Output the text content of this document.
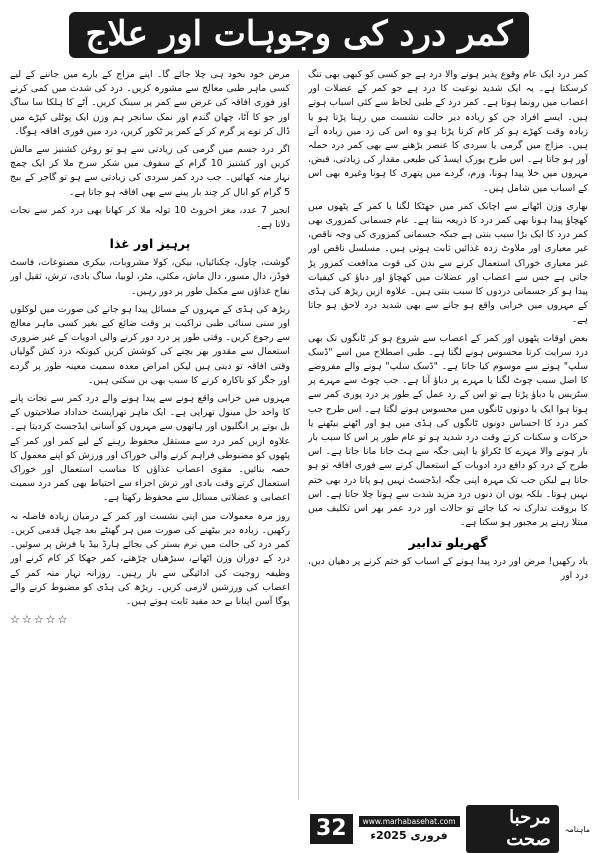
کمر درد کی وجوہات اور علاج

کمر درد ایک عام وقوع پذیر ہونے والا درد ہے جو کسی کو کبھی بھی تنگ کرسکتا ہے۔ یہ ایک شدید نوعیت کا درد ہے جو کمر کے عضلات اور اعصاب میں رونما ہوتا ہے۔ کمر درد کے طبی لحاظ سے کئی اسباب ہوتے ہیں۔ ایسے افراد جن کو زیادہ دیر حالت نشست میں رہنا پڑتا ہو یا زیادہ وقت کھڑے ہو کر کام کرنا پڑتا ہو وہ اس کی زد میں زیادہ آتے ہیں۔ مزاج میں گرمی یا سردی کا عنصر بڑھنے سے بھی کمر درد حملہ آور ہو جاتا ہے۔ اس طرح یورک ایسڈ کی طبعی مقدار کی زیادتی، قبض، مہروں میں خلا پیدا ہونا، ورم، گردے میں پتھری کا ہونا وغیرہ بھی اس کے اسباب میں شامل ہیں۔

بھاری وزن اٹھانے سے اچانک کمر میں جھٹکا لگنا یا کمر کے پٹھوں میں کھچاؤ پیدا ہونا بھی کمر درد کا ذریعہ بنتا ہے۔ عام جسمانی کمزوری بھی کمر درد کا ایک بڑا سبب بنتی ہے جبکہ جسمانی کمزوری کی وجہ ناقص، غیر معیاری اور ملاوٹ زدہ غذائیں ثابت ہوتی ہیں۔ مسلسل ناقص اور غیر معیاری خوراک استعمال کرنے سے بدن کی قوت مدافعت کمزور پڑ جاتی ہے جس سے اعصاب اور عضلات میں کھچاؤ اور دباؤ کی کیفیات پیدا ہو کر جسمانی دردوں کا سبب بنتی ہیں۔ علاوہ ازیں ریڑھ کی ہڈی کے مہروں میں خرابی واقع ہو جانے سے بھی شدید درد لاحق ہو جاتا ہے۔

بعض اوقات پٹھوں اور کمر کے اعصاب سے شروع ہو کر ٹانگوں تک بھی درد سرایت کرتا محسوس ہونے لگتا ہے۔ طبی اصطلاح میں اسے "ڈسک سلپ" ہونے سے موسوم کیا جاتا ہے۔ "ڈسک سلپ" ہونے والے مفروضے کا اصل سبب چوٹ لگنا یا مہرے پر دباؤ آنا ہے۔ جب چوٹ سے مہرے پر سٹریس یا دباؤ پڑتا ہے تو اس کے رد عمل کے طور پر درد پوری کمر سے ہوتا ہوا ایک یا دونوں ٹانگوں میں محسوس ہونے لگتا ہے۔ اس طرح جب کمر درد کا احساس دونوں ٹانگوں کی ہڈی میں ہو اور اٹھنے بیٹھنے یا حرکات و سکنات کرتے وقت درد شدید ہو تو عام طور پر اس کا سبب بار بار ہونے والا مہرے کا ٹکراؤ یا اپنی جگہ سے ہٹ جانا مانا جاتا ہے۔ اس طرح کے درد کو دافع درد ادویات کے استعمال کرنے سے فوری افاقہ تو ہو جاتا ہے لیکن جب تک مہرہ اپنی جگہ ایڈجسٹ نہیں ہو پاتا درد بھی ختم نہیں ہوتا۔ بلکہ یوں ان دنوں درد مزید شدت سے ہوتا چلا جاتا ہے۔ اس کا بروقت تدارک نہ کیا جائے تو حالات اور درد عمر بھر اس تکلیف میں مبتلا رہنے پر مجبور ہو سکتا ہے۔

گھریلو تدابیر

یاد رکھیں! مرض اور درد پیدا ہونے کے اسباب کو ختم کرنے پر دھیان دیں، درد اور

مرض خود بخود ہی چلا جائے گا۔ اپنے مزاج کے بارے میں جاننے کے لیے کسی ماہر طبی معالج سے مشورہ کریں۔ درد کی شدت میں کمی کرنے اور فوری افاقہ کی غرض سے کمر پر سینک کریں۔ آٹے کا ہلکا سا ساگ اور جو کا آٹا، چھان گندم اور نمک سانجر ہم وزن ایک پوٹلی کپڑے میں ڈال کر توے پر گرم کر کے کمر پر ٹکور کریں، درد میں فوری افاقہ ہوگا۔

اگر درد جسم میں گرمی کی زیادتی سے ہو تو روغن کشنیز سے مالش کریں اور کشنیز 10 گرام کے سفوف میں شکر سرخ ملا کر ایک چمچ نہار منہ کھائیں۔ جب درد کمر سردی کی زیادتی سے ہو تو گاجر کے بیج 5 گرام کو ابال کر چند بار پینے سے بھی افاقہ ہو جاتا ہے۔

انجیر 7 عدد، مغز اخروٹ 10 تولہ ملا کر کھانا بھی درد کمر سے نجات دلاتا ہے۔

پرہیز اور غذا

گوشت، چاول، چکنائیاں، بیکن، کولا مشروبات، بیکری مصنوعات، فاسٹ فوڈز، دال مسور، دال ماش، مکئی، مٹر، لوبیا، ساگ بادی، ترش، ثقیل اور نفاخ غذاؤں سے مکمل طور پر دور رہیں۔

ریڑھ کی ہڈی کے مہروں کے مسائل پیدا ہو جانے کی صورت میں لوکلوں اور سنی سنائی طبی تراکیب پر وقت ضائع کیے بغیر کسی ماہر معالج سے رجوع کریں۔ وقتی طور پر درد دور کرنے والی ادویات کے غیر ضروری استعمال سے مقدور بھر بچنے کی کوشش کریں کیونکہ درد کش گولیاں وقتی افاقہ تو دیتی ہیں لیکن امراض معدہ سمیت معینہ طور پر گردے اور جگر کو ناکارہ کرنے کا سبب بھی بن سکتی ہیں۔

مہروں میں خرابی واقع ہونے سے پیدا ہونے والے درد کمر سے نجات پانے کا واحد حل مینول تھراپی ہے۔ ایک ماہر تھراپسٹ خداداد صلاحیتوں کے بل بوتے پر انگلیوں اور ہاتھوں سے مہروں کو آسانی ایڈجسٹ کردیتا ہے۔ علاوہ ازیں کمر درد سے مستقل محفوظ رہنے کے لیے کمر اور کمر کے پٹھوں کو مضبوطی فراہم کرنے والی خوراک اور ورزش کو اپنے معمول کا حصہ بنائیں۔ مقوی اعصاب غذاؤں کا مناسب استعمال اور خوراک استعمال کرتے وقت بادی اور ترش اجزاء سے احتیاط بھی کمر درد سمیت اعصابی و عضلاتی مسائل سے محفوظ رکھتا ہے۔

روز مرہ معمولات میں اپنی نشست اور کمر کے درمیان زیادہ فاصلہ نہ رکھیں۔ زیادہ دیر بیٹھنے کی صورت میں ہر گھنٹے بعد چہل قدمی کریں۔ کمر درد کی حالت میں نرم بستر کی بجائے ہارڈ بیڈ یا فرش پر سوئیں۔ درد کے دوران وزن اٹھانے، سیڑھیاں چڑھنے، کمر جھکا کر کام کرنے اور وظیفہ زوجیت کی ادائیگی سے باز رہیں۔ روزانہ نہار منہ کمر کے اعصاب کی ورزشیں لازمی کریں۔ ریڑھ کی ہڈی کو مضبوط کرنے والے یوگا آسن اپنانا بے حد مفید ثابت ہوتے ہیں۔

☆☆☆☆☆
ماہنامہ
مرحبا صحت
www.marhabasehat.com
فروری 2025ء
32
